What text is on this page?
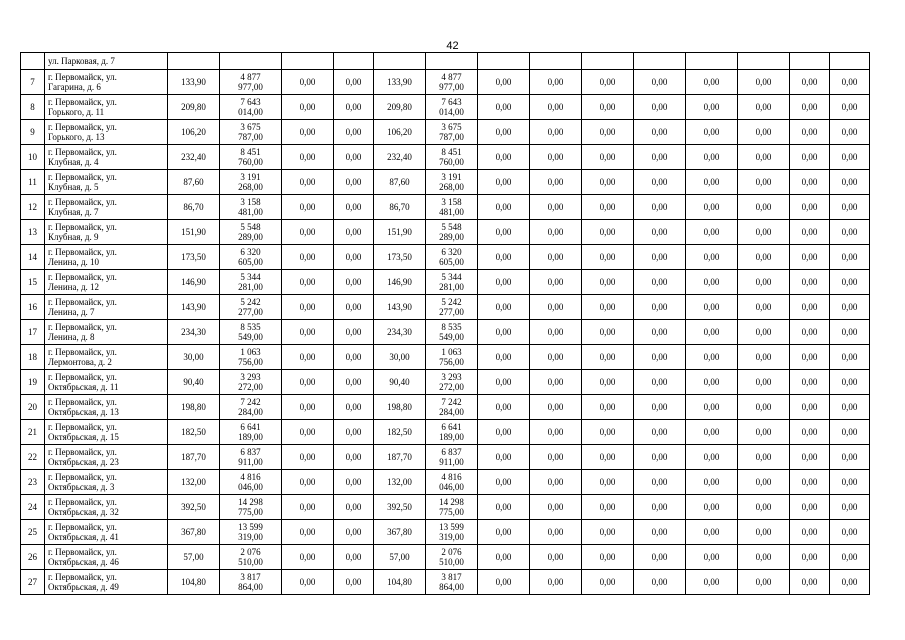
42
	ул. Парковая, д. 7														
7	г. Первомайск, ул.
Гагарина, д. 6	133,90	4 877
977,00	0,00	0,00	133,90	4 877
977,00	0,00	0,00	0,00	0,00	0,00	0,00	0,00	0,00
8	г. Первомайск, ул.
Горького, д. 11	209,80	7 643
014,00	0,00	0,00	209,80	7 643
014,00	0,00	0,00	0,00	0,00	0,00	0,00	0,00	0,00
9	г. Первомайск, ул.
Горького, д. 13	106,20	3 675
787,00	0,00	0,00	106,20	3 675
787,00	0,00	0,00	0,00	0,00	0,00	0,00	0,00	0,00
10	г. Первомайск, ул.
Клубная, д. 4	232,40	8 451
760,00	0,00	0,00	232,40	8 451
760,00	0,00	0,00	0,00	0,00	0,00	0,00	0,00	0,00
11	г. Первомайск, ул.
Клубная, д. 5	87,60	3 191
268,00	0,00	0,00	87,60	3 191
268,00	0,00	0,00	0,00	0,00	0,00	0,00	0,00	0,00
12	г. Первомайск, ул.
Клубная, д. 7	86,70	3 158
481,00	0,00	0,00	86,70	3 158
481,00	0,00	0,00	0,00	0,00	0,00	0,00	0,00	0,00
13	г. Первомайск, ул.
Клубная, д. 9	151,90	5 548
289,00	0,00	0,00	151,90	5 548
289,00	0,00	0,00	0,00	0,00	0,00	0,00	0,00	0,00
14	г. Первомайск, ул.
Ленина, д. 10	173,50	6 320
605,00	0,00	0,00	173,50	6 320
605,00	0,00	0,00	0,00	0,00	0,00	0,00	0,00	0,00
15	г. Первомайск, ул.
Ленина, д. 12	146,90	5 344
281,00	0,00	0,00	146,90	5 344
281,00	0,00	0,00	0,00	0,00	0,00	0,00	0,00	0,00
16	г. Первомайск, ул.
Ленина, д. 7	143,90	5 242
277,00	0,00	0,00	143,90	5 242
277,00	0,00	0,00	0,00	0,00	0,00	0,00	0,00	0,00
17	г. Первомайск, ул.
Ленина, д. 8	234,30	8 535
549,00	0,00	0,00	234,30	8 535
549,00	0,00	0,00	0,00	0,00	0,00	0,00	0,00	0,00
18	г. Первомайск, ул.
Лермонтова, д. 2	30,00	1 063
756,00	0,00	0,00	30,00	1 063
756,00	0,00	0,00	0,00	0,00	0,00	0,00	0,00	0,00
19	г. Первомайск, ул.
Октябрьская, д. 11	90,40	3 293
272,00	0,00	0,00	90,40	3 293
272,00	0,00	0,00	0,00	0,00	0,00	0,00	0,00	0,00
20	г. Первомайск, ул.
Октябрьская, д. 13	198,80	7 242
284,00	0,00	0,00	198,80	7 242
284,00	0,00	0,00	0,00	0,00	0,00	0,00	0,00	0,00
21	г. Первомайск, ул.
Октябрьская, д. 15	182,50	6 641
189,00	0,00	0,00	182,50	6 641
189,00	0,00	0,00	0,00	0,00	0,00	0,00	0,00	0,00
22	г. Первомайск, ул.
Октябрьская, д. 23	187,70	6 837
911,00	0,00	0,00	187,70	6 837
911,00	0,00	0,00	0,00	0,00	0,00	0,00	0,00	0,00
23	г. Первомайск, ул.
Октябрьская, д. 3	132,00	4 816
046,00	0,00	0,00	132,00	4 816
046,00	0,00	0,00	0,00	0,00	0,00	0,00	0,00	0,00
24	г. Первомайск, ул.
Октябрьская, д. 32	392,50	14 298
775,00	0,00	0,00	392,50	14 298
775,00	0,00	0,00	0,00	0,00	0,00	0,00	0,00	0,00
25	г. Первомайск, ул.
Октябрьская, д. 41	367,80	13 599
319,00	0,00	0,00	367,80	13 599
319,00	0,00	0,00	0,00	0,00	0,00	0,00	0,00	0,00
26	г. Первомайск, ул.
Октябрьская, д. 46	57,00	2 076
510,00	0,00	0,00	57,00	2 076
510,00	0,00	0,00	0,00	0,00	0,00	0,00	0,00	0,00
27	г. Первомайск, ул.
Октябрьская, д. 49	104,80	3 817
864,00	0,00	0,00	104,80	3 817
864,00	0,00	0,00	0,00	0,00	0,00	0,00	0,00	0,00
